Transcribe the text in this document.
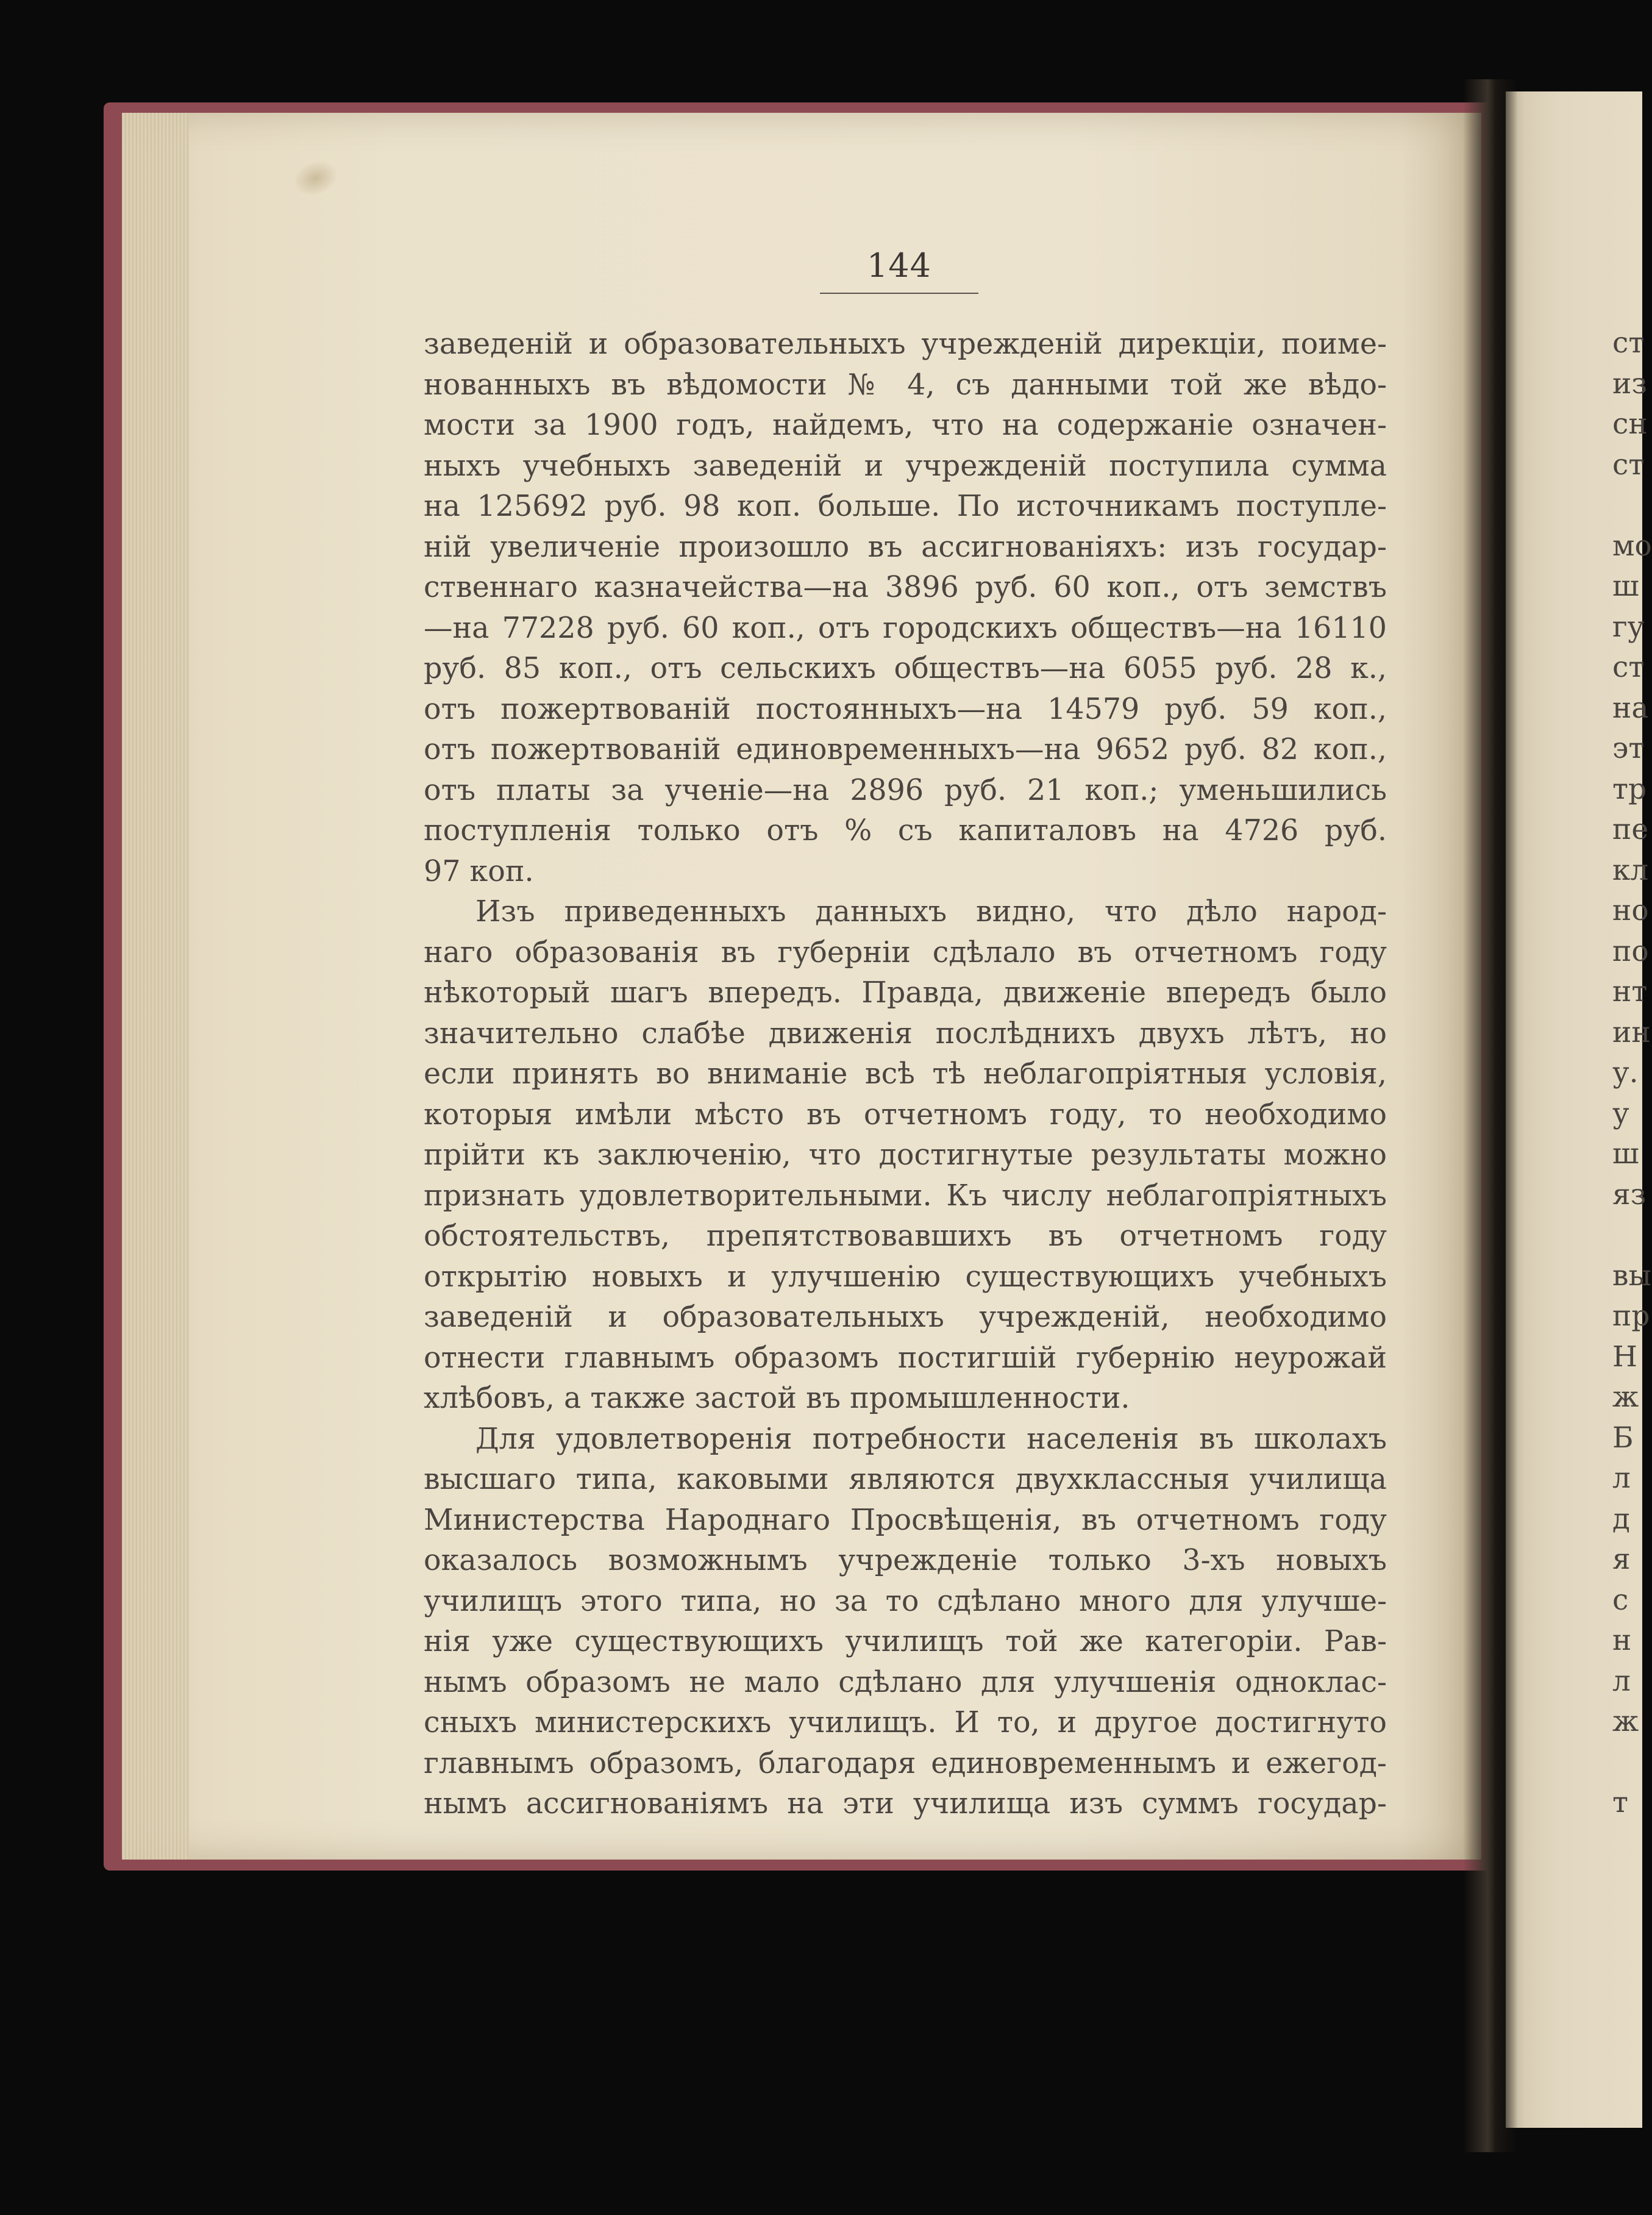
144
заведеній и образовательныхъ учрежденій дирекціи, поиме-
нованныхъ въ вѣдомости № 4, съ данными той же вѣдо-
мости за 1900 годъ, найдемъ, что на содержаніе означен-
ныхъ учебныхъ заведеній и учрежденій поступила сумма
на 125692 руб. 98 коп. больше. По источникамъ поступле-
ній увеличеніе произошло въ ассигнованіяхъ: изъ государ-
ственнаго казначейства—на 3896 руб. 60 коп., отъ земствъ
—на 77228 руб. 60 коп., отъ городскихъ обществъ—на 16110
руб. 85 коп., отъ сельскихъ обществъ—на 6055 руб. 28 к.,
отъ пожертвованій постоянныхъ—на 14579 руб. 59 коп.,
отъ пожертвованій единовременныхъ—на 9652 руб. 82 коп.,
отъ платы за ученіе—на 2896 руб. 21 коп.; уменьшились
поступленія только отъ % съ капиталовъ на 4726 руб.
97 коп.
Изъ приведенныхъ данныхъ видно, что дѣло народ-
наго образованія въ губерніи сдѣлало въ отчетномъ году
нѣкоторый шагъ впередъ. Правда, движеніе впередъ было
значительно слабѣе движенія послѣднихъ двухъ лѣтъ, но
если принять во вниманіе всѣ тѣ неблагопріятныя условія,
которыя имѣли мѣсто въ отчетномъ году, то необходимо
прійти къ заключенію, что достигнутые результаты можно
признать удовлетворительными. Къ числу неблагопріятныхъ
обстоятельствъ, препятствовавшихъ въ отчетномъ году
открытію новыхъ и улучшенію существующихъ учебныхъ
заведеній и образовательныхъ учрежденій, необходимо
отнести главнымъ образомъ постигшій губернію неурожай
хлѣбовъ, а также застой въ промышленности.
Для удовлетворенія потребности населенія въ школахъ
высшаго типа, каковыми являются двухклассныя училища
Министерства Народнаго Просвѣщенія, въ отчетномъ году
оказалось возможнымъ учрежденіе только 3-хъ новыхъ
училищъ этого типа, но за то сдѣлано много для улучше-
нія уже существующихъ училищъ той же категоріи. Рав-
нымъ образомъ не мало сдѣлано для улучшенія одноклас-
сныхъ министерскихъ училищъ. И то, и другое достигнуто
главнымъ образомъ, благодаря единовременнымъ и ежегод-
нымъ ассигнованіямъ на эти училища изъ суммъ государ-
ст
из
сн
ст
мо
ш
гу
ст
на
эт
тр
пе
кл
но
по
нт
ин
у.
у
ш
яз
вы
пр
Н
ж
Б
л
д
я
с
н
л
ж
т
